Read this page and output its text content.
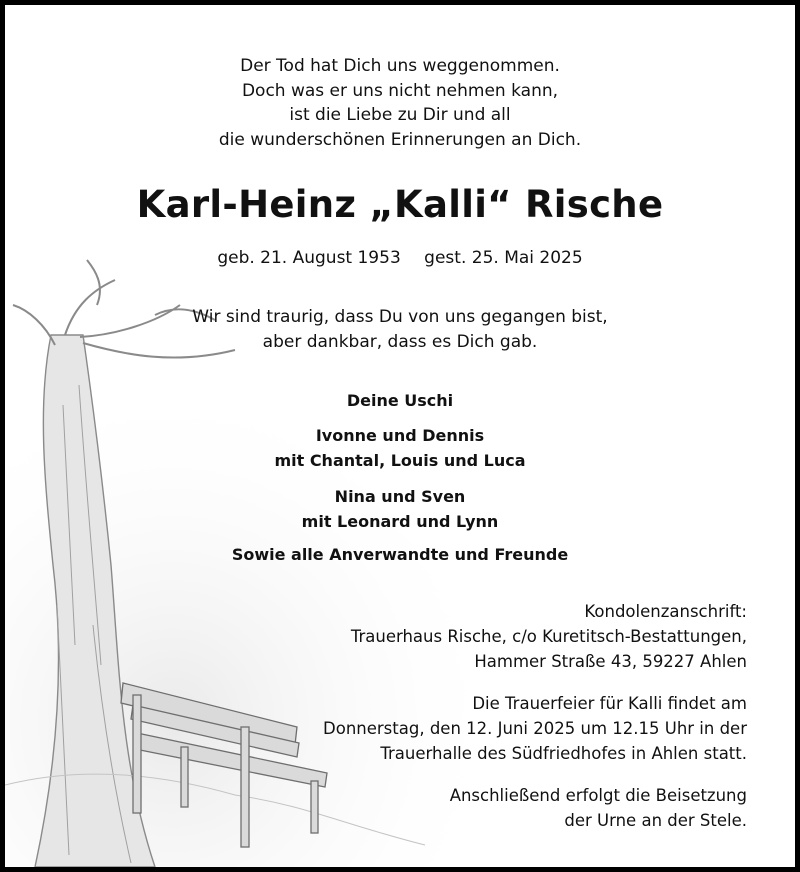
Der Tod hat Dich uns weggenommen.
Doch was er uns nicht nehmen kann,
ist die Liebe zu Dir und all
die wunderschönen Erinnerungen an Dich.
Karl-Heinz „Kalli“ Rische
geb. 21. August 1953 gest. 25. Mai 2025
Wir sind traurig, dass Du von uns gegangen bist,
aber dankbar, dass es Dich gab.
Deine Uschi
Ivonne und Dennis
mit Chantal, Louis und Luca
Nina und Sven
mit Leonard und Lynn
Sowie alle Anverwandte und Freunde
Kondolenzanschrift:
Trauerhaus Rische, c/o Kuretitsch-Bestattungen,
Hammer Straße 43, 59227 Ahlen
Die Trauerfeier für Kalli findet am
Donnerstag, den 12. Juni 2025 um 12.15 Uhr in der
Trauerhalle des Südfriedhofes in Ahlen statt.
Anschließend erfolgt die Beisetzung
der Urne an der Stele.
